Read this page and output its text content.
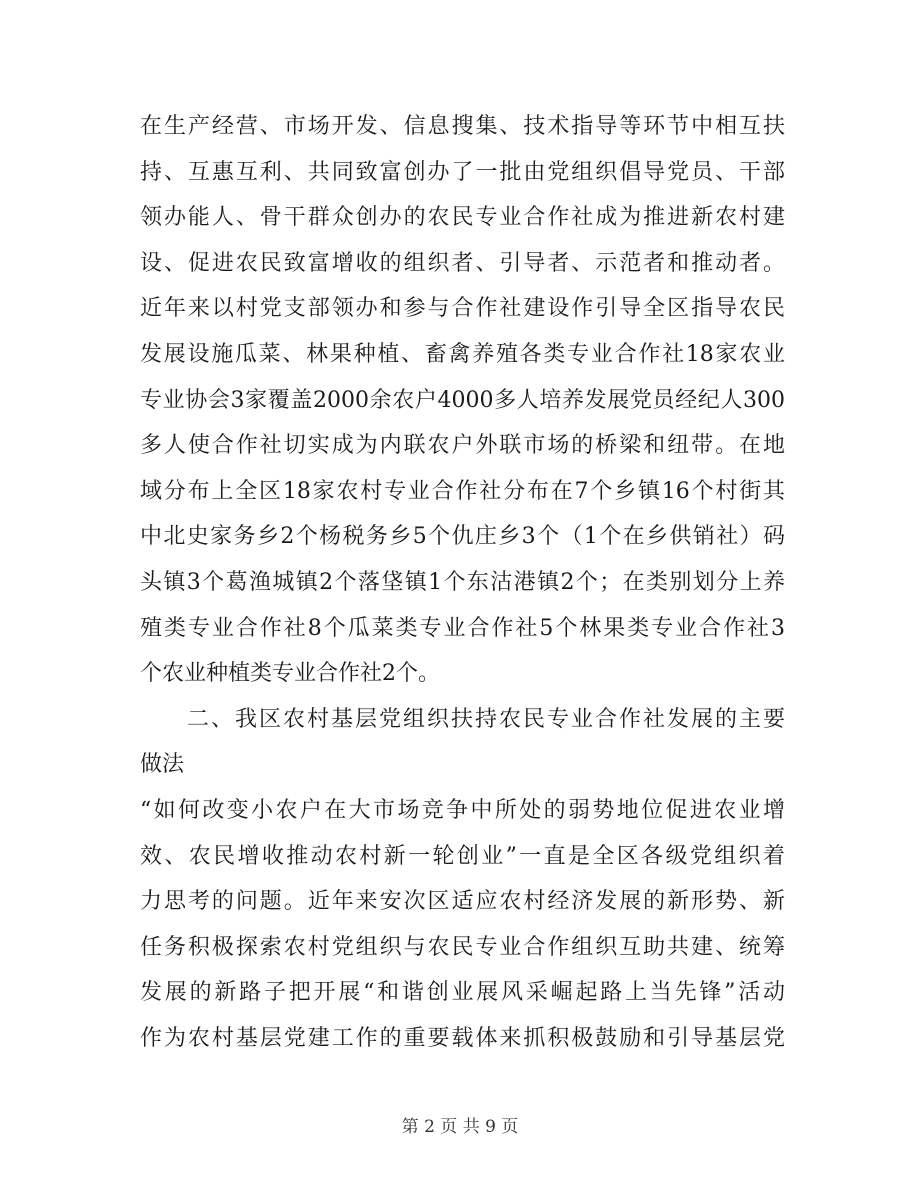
在生产经营、市场开发、信息搜集、技术指导等环节中相互扶
持、互惠互利、共同致富创办了一批由党组织倡导党员、干部
领办能人、骨干群众创办的农民专业合作社成为推进新农村建
设、促进农民致富增收的组织者、引导者、示范者和推动者。
近年来以村党支部领办和参与合作社建设作引导全区指导农民
发展设施瓜菜、林果种植、畜禽养殖各类专业合作社18家农业
专业协会3家覆盖2000余农户4000多人培养发展党员经纪人300
多人使合作社切实成为内联农户外联市场的桥梁和纽带。在地
域分布上全区18家农村专业合作社分布在7个乡镇16个村街其
中北史家务乡2个杨税务乡5个仇庄乡3个（1个在乡供销社）码
头镇3个葛渔城镇2个落垡镇1个东沽港镇2个；在类别划分上养
殖类专业合作社8个瓜菜类专业合作社5个林果类专业合作社3
个农业种植类专业合作社2个。
二、我区农村基层党组织扶持农民专业合作社发展的主要
做法
“如何改变小农户在大市场竞争中所处的弱势地位促进农业增
效、农民增收推动农村新一轮创业”一直是全区各级党组织着
力思考的问题。近年来安次区适应农村经济发展的新形势、新
任务积极探索农村党组织与农民专业合作组织互助共建、统筹
发展的新路子把开展“和谐创业展风采崛起路上当先锋”活动
作为农村基层党建工作的重要载体来抓积极鼓励和引导基层党
第 2 页 共 9 页
